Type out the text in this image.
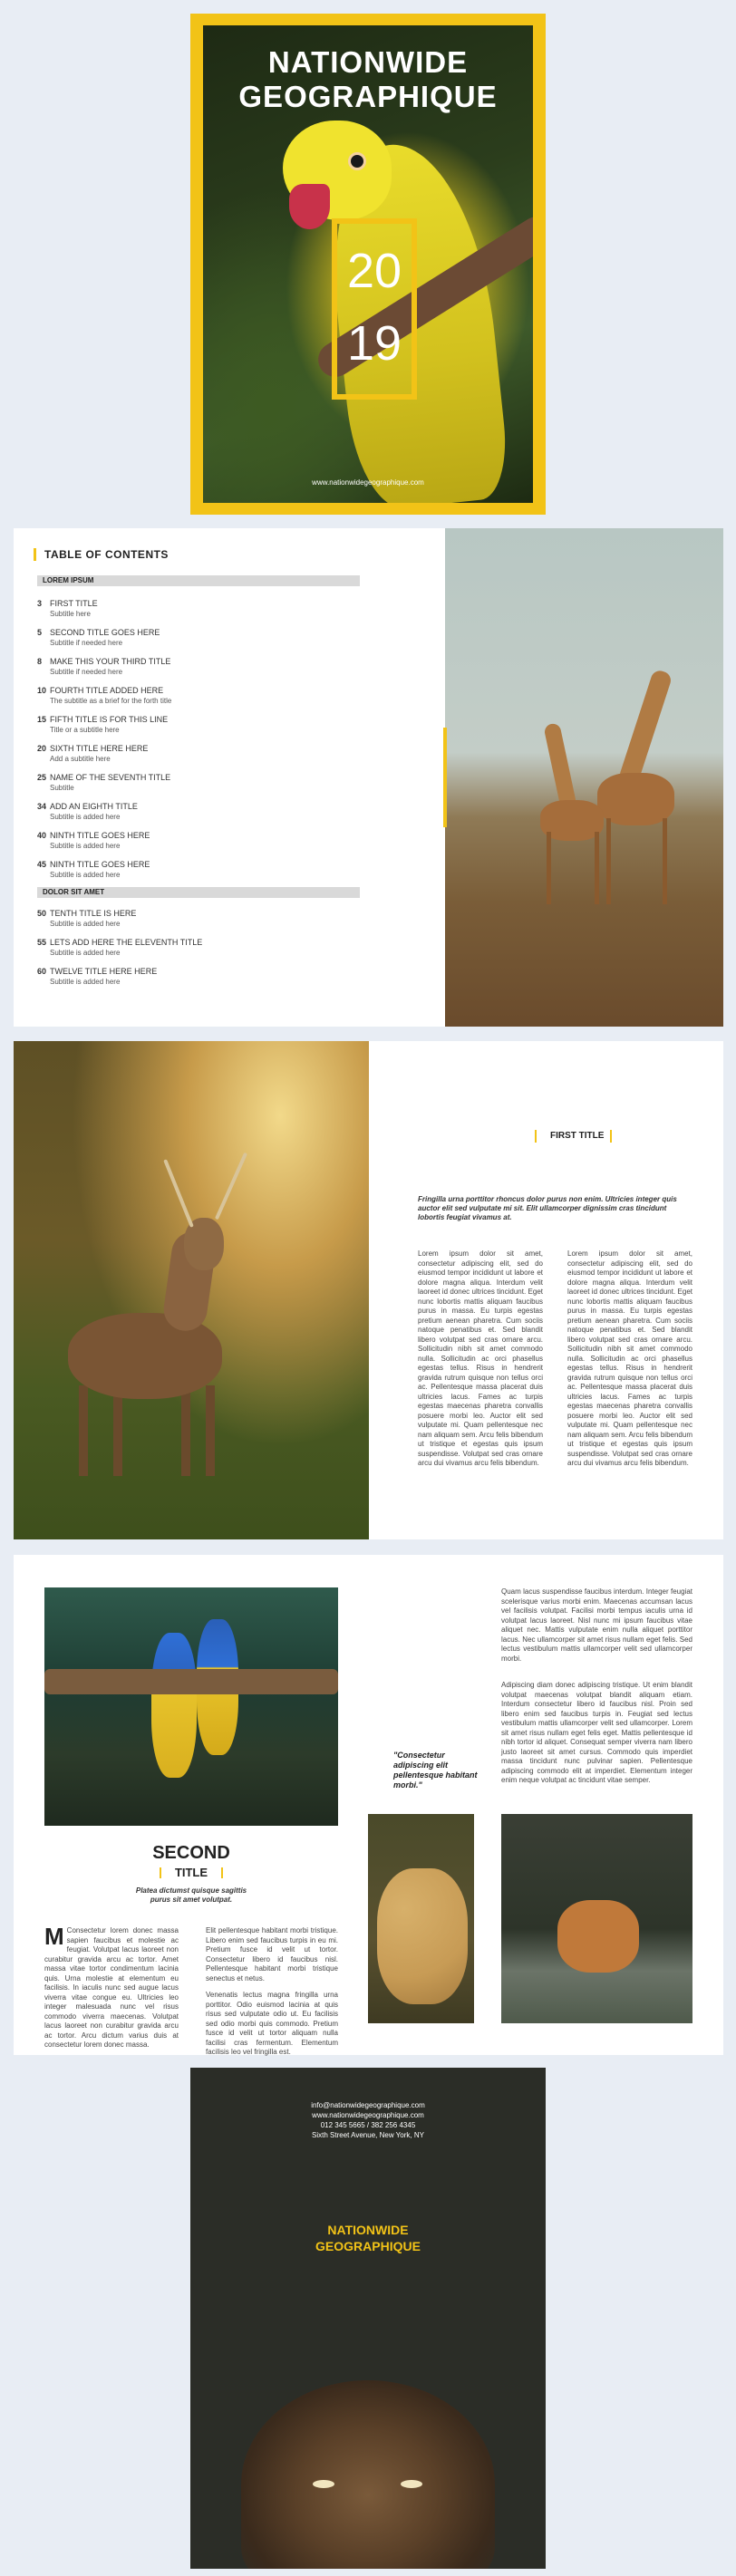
NATIONWIDE
GEOGRAPHIQUE
20
19
www.nationwidegeographique.com
TABLE OF CONTENTS
LOREM IPSUM
3 FIRST TITLE
Subtitle here
5 SECOND TITLE GOES HERE
Subtitle if needed here
8 MAKE THIS YOUR THIRD TITLE
Subtitle if needed here
10 FOURTH TITLE ADDED HERE
The subtitle as a brief for the forth title
15 FIFTH TITLE IS FOR THIS LINE
Title or a subtitle here
20 SIXTH TITLE HERE HERE
Add a subtitle here
25 NAME OF THE SEVENTH TITLE
Subtitle
34 ADD AN EIGHTH TITLE
Subtitle is added here
40 NINTH TITLE GOES HERE
Subtitle is added here
45 NINTH TITLE GOES HERE
Subtitle is added here
DOLOR SIT AMET
50 TENTH TITLE IS HERE
Subtitle is added here
55 LETS ADD HERE THE ELEVENTH TITLE
Subtitle is added here
60 TWELVE TITLE HERE HERE
Subtitle is added here
FIRST TITLE
Fringilla urna porttitor rhoncus dolor purus non enim. Ultricies integer quis auctor elit sed vulputate mi sit. Elit ullamcorper dignissim cras tincidunt lobortis feugiat vivamus at.
Lorem ipsum dolor sit amet, consectetur adipiscing elit, sed do eiusmod tempor incididunt ut labore et dolore magna aliqua. Interdum velit laoreet id donec ultrices tincidunt. Eget nunc lobortis mattis aliquam faucibus purus in massa. Eu turpis egestas pretium aenean pharetra. Cum sociis natoque penatibus et. Sed blandit libero volutpat sed cras ornare arcu. Sollicitudin nibh sit amet commodo nulla. Sollicitudin ac orci phasellus egestas tellus. Risus in hendrerit gravida rutrum quisque non tellus orci ac. Pellentesque massa placerat duis ultricies lacus. Fames ac turpis egestas maecenas pharetra convallis posuere morbi leo. Auctor elit sed vulputate mi. Quam pellentesque nec nam aliquam sem. Arcu felis bibendum ut tristique et egestas quis ipsum suspendisse. Volutpat sed cras ornare arcu dui vivamus arcu felis bibendum.
Lorem ipsum dolor sit amet, consectetur adipiscing elit, sed do eiusmod tempor incididunt ut labore et dolore magna aliqua. Interdum velit laoreet id donec ultrices tincidunt. Eget nunc lobortis mattis aliquam faucibus purus in massa. Eu turpis egestas pretium aenean pharetra. Cum sociis natoque penatibus et. Sed blandit libero volutpat sed cras ornare arcu. Sollicitudin nibh sit amet commodo nulla. Sollicitudin ac orci phasellus egestas tellus. Risus in hendrerit gravida rutrum quisque non tellus orci ac. Pellentesque massa placerat duis ultricies lacus. Fames ac turpis egestas maecenas pharetra convallis posuere morbi leo. Auctor elit sed vulputate mi. Quam pellentesque nec nam aliquam sem. Arcu felis bibendum ut tristique et egestas quis ipsum suspendisse. Volutpat sed cras ornare arcu dui vivamus arcu felis bibendum.
SECOND
TITLE
Platea dictumst quisque sagittis purus sit amet volutpat.
M Consectetur lorem donec massa sapien faucibus et molestie ac feugiat. Volutpat lacus laoreet non curabitur gravida arcu ac tortor. Amet massa vitae tortor condimentum lacinia quis. Urna molestie at elementum eu facilisis. In iaculis nunc sed augue lacus viverra vitae congue eu. Ultricies leo integer malesuada nunc vel risus commodo viverra maecenas. Volutpat lacus laoreet non curabitur gravida arcu ac tortor. Arcu dictum varius duis at consectetur lorem donec massa.
Elit pellentesque habitant morbi tristique. Libero enim sed faucibus turpis in eu mi. Pretium fusce id velit ut tortor. Consectetur libero id faucibus nisl. Pellentesque habitant morbi tristique senectus et netus.
Venenatis lectus magna fringilla urna porttitor. Odio euismod lacinia at quis risus sed vulputate odio ut. Eu facilisis sed odio morbi quis commodo. Pretium fusce id velit ut tortor aliquam nulla facilisi cras fermentum. Elementum facilisis leo vel fringilla est.
Quam lacus suspendisse faucibus interdum. Integer feugiat scelerisque varius morbi enim. Maecenas accumsan lacus vel facilisis volutpat. Facilisi morbi tempus iaculis urna id volutpat lacus laoreet. Nisl nunc mi ipsum faucibus vitae aliquet nec. Mattis vulputate enim nulla aliquet porttitor lacus. Nec ullamcorper sit amet risus nullam eget felis. Sed lectus vestibulum mattis ullamcorper velit sed ullamcorper morbi.
Adipiscing diam donec adipiscing tristique. Ut enim blandit volutpat maecenas volutpat blandit aliquam etiam. Interdum consectetur libero id faucibus nisl. Proin sed libero enim sed faucibus turpis in. Feugiat sed lectus vestibulum mattis ullamcorper velit sed ullamcorper. Lorem sit amet risus nullam eget felis eget. Mattis pellentesque id nibh tortor id aliquet. Consequat semper viverra nam libero justo laoreet sit amet cursus. Commodo quis imperdiet massa tincidunt nunc pulvinar sapien. Pellentesque adipiscing commodo elit at imperdiet. Elementum integer enim neque volutpat ac tincidunt vitae semper.
"Consectetur adipiscing elit pellentesque habitant morbi."
info@nationwidegeographique.com
www.nationwidegeographique.com
012 345 5665 / 382 256 4345
Sixth Street Avenue, New York, NY
NATIONWIDE
GEOGRAPHIQUE
